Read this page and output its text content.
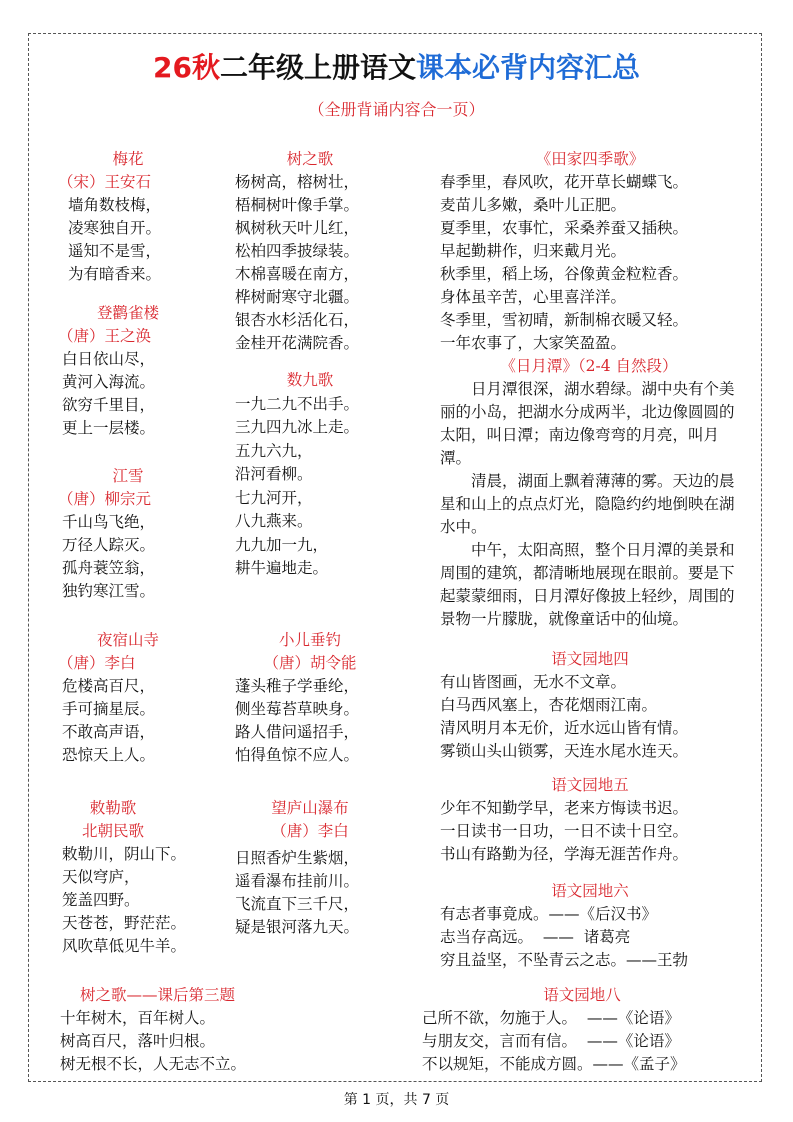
26秋二年级上册语文课本必背内容汇总
（全册背诵内容合一页）
梅花
（宋）王安石
墙角数枝梅，
凌寒独自开。
遥知不是雪，
为有暗香来。
登鹳雀楼
（唐）王之涣
白日依山尽，
黄河入海流。
欲穷千里目，
更上一层楼。
江雪
（唐）柳宗元
千山鸟飞绝，
万径人踪灭。
孤舟蓑笠翁，
独钓寒江雪。
夜宿山寺
（唐）李白
危楼高百尺，
手可摘星辰。
不敢高声语，
恐惊天上人。
敕勒歌
北朝民歌
敕勒川，阴山下。
天似穹庐，
笼盖四野。
天苍苍，野茫茫。
风吹草低见牛羊。
树之歌
杨树高，榕树壮，
梧桐树叶像手掌。
枫树秋天叶儿红，
松柏四季披绿装。
木棉喜暖在南方，
桦树耐寒守北疆。
银杏水杉活化石，
金桂开花满院香。
数九歌
一九二九不出手。
三九四九冰上走。
五九六九，
沿河看柳。
七九河开，
八九燕来。
九九加一九，
耕牛遍地走。
小儿垂钓
（唐）胡令能
蓬头稚子学垂纶，
侧坐莓苔草映身。
路人借问遥招手，
怕得鱼惊不应人。
望庐山瀑布
（唐）李白
日照香炉生紫烟，
遥看瀑布挂前川。
飞流直下三千尺，
疑是银河落九天。
《田家四季歌》
春季里，春风吹，花开草长蝴蝶飞。
麦苗儿多嫩，桑叶儿正肥。
夏季里，农事忙，采桑养蚕又插秧。
早起勤耕作，归来戴月光。
秋季里，稻上场，谷像黄金粒粒香。
身体虽辛苦，心里喜洋洋。
冬季里，雪初晴，新制棉衣暖又轻。
一年农事了，大家笑盈盈。
《日月潭》（2-4 自然段）
日月潭很深，湖水碧绿。湖中央有个美丽的小岛，把湖水分成两半，北边像圆圆的太阳，叫日潭；南边像弯弯的月亮，叫月潭。
清晨，湖面上飘着薄薄的雾。天边的晨星和山上的点点灯光，隐隐约约地倒映在湖水中。
中午，太阳高照，整个日月潭的美景和周围的建筑，都清晰地展现在眼前。要是下起蒙蒙细雨，日月潭好像披上轻纱，周围的景物一片朦胧，就像童话中的仙境。
语文园地四
有山皆图画，无水不文章。
白马西风塞上，杏花烟雨江南。
清风明月本无价，近水远山皆有情。
雾锁山头山锁雾，天连水尾水连天。
语文园地五
少年不知勤学早，老来方悔读书迟。
一日读书一日功，一日不读十日空。
书山有路勤为径，学海无涯苦作舟。
语文园地六
有志者事竟成。——《后汉书》
志当存高远。  ——  诸葛亮
穷且益坚，不坠青云之志。——王勃
树之歌——课后第三题
十年树木，百年树人。
树高百尺，落叶归根。
树无根不长，人无志不立。
语文园地八
己所不欲，勿施于人。  ——《论语》
与朋友交，言而有信。  ——《论语》
不以规矩，不能成方圆。——《孟子》
第 1 页，共 7 页
